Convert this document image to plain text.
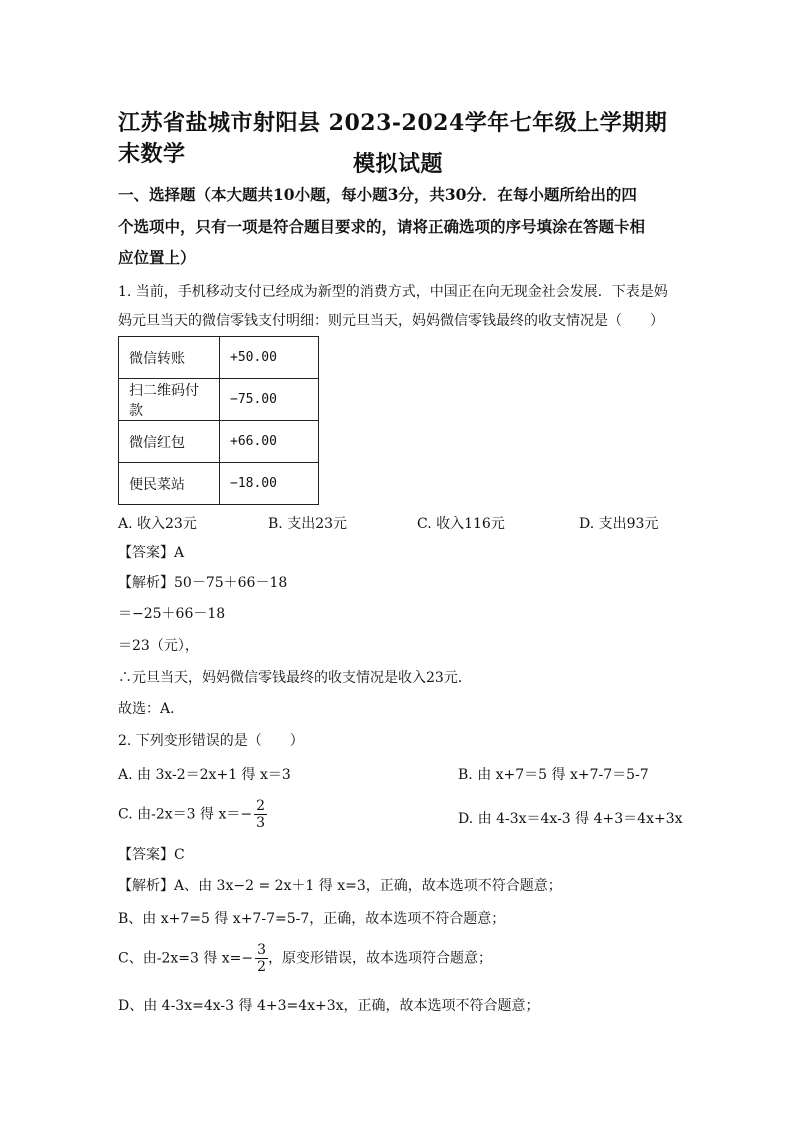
江苏省盐城市射阳县 2023-2024学年七年级上学期期末数学	模拟试题
一、选择题（本大题共10小题，每小题3分，共30分．在每小题所给出的四
个选项中，只有一项是符合题目要求的，请将正确选项的序号填涂在答题卡相
应位置上）
1. 当前，手机移动支付已经成为新型的消费方式，中国正在向无现金社会发展．下表是妈
妈元旦当天的微信零钱支付明细：则元旦当天，妈妈微信零钱最终的收支情况是（　　）
微信转账	+50.00
扫二维码付款	−75.00
微信红包	+66.00
便民菜站	−18.00
A. 收入23元	B. 支出23元	C. 收入116元	D. 支出93元
【答案】A
【解析】50－75＋66－18
＝−25＋66－18
＝23（元），
∴元旦当天，妈妈微信零钱最终的收支情况是收入23元．
故选：A．
2. 下列变形错误的是（　　）
A. 由 3x-2＝2x+1 得 x＝3	B. 由 x+7＝5 得 x+7-7＝5-7
C. 由-2x＝3 得 $x=- \frac{2}{3}$	D. 由 4-3x＝4x-3 得 4+3＝4x+3x
【答案】C
【解析】A、由 3x−2 = 2x＋1 得 x=3，正确，故本选项不符合题意；
B、由 x+7=5 得 x+7-7=5-7，正确，故本选项不符合题意；
C、由-2x=3 得 $x=- \frac{3}{2}$ ，原变形错误，故本选项符合题意；
D、由 4-3x=4x-3 得 4+3=4x+3x，正确，故本选项不符合题意；
